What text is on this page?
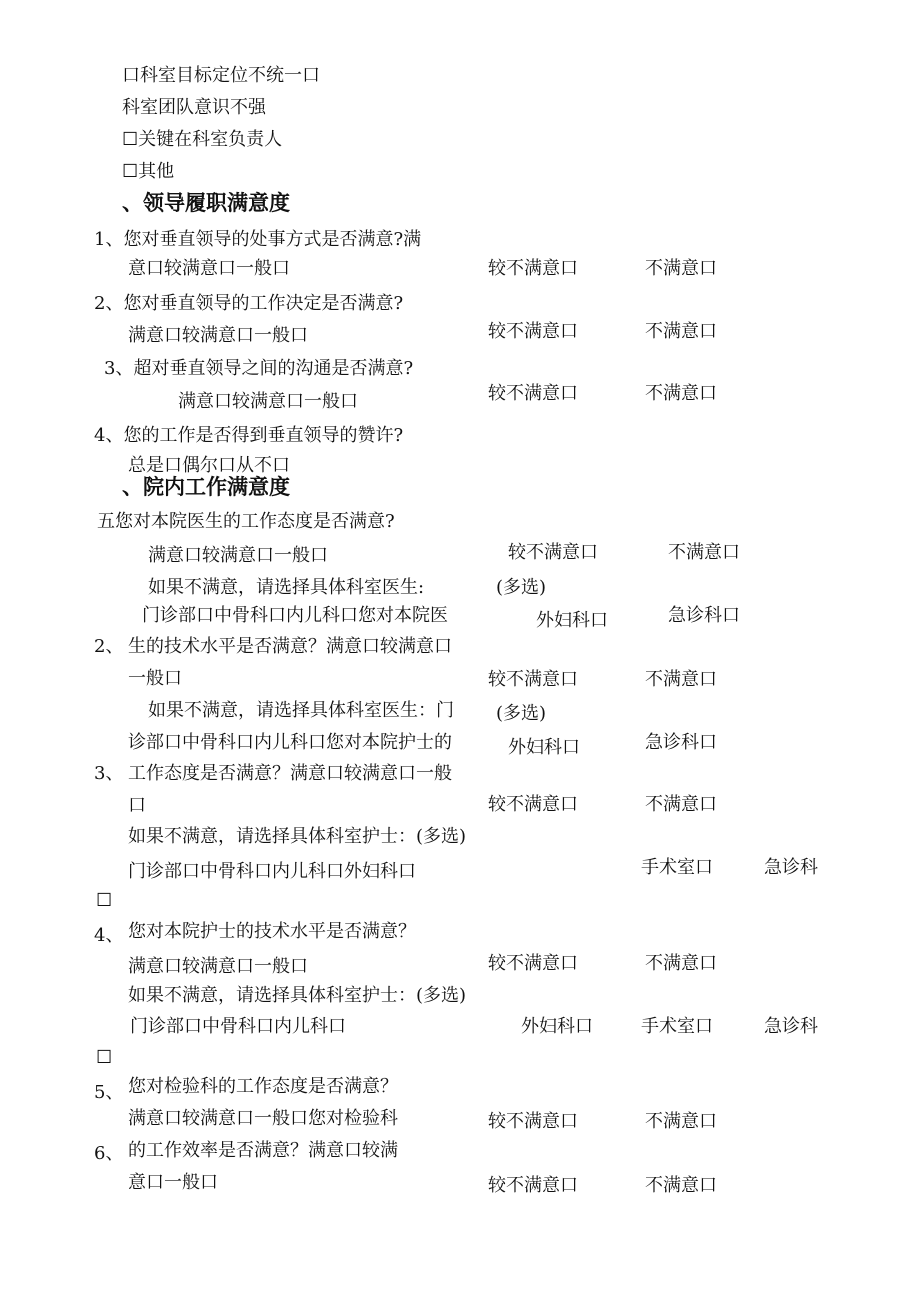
口科室目标定位不统一口
科室团队意识不强
☐关键在科室负责人
☐其他
、领导履职满意度
1、您对垂直领导的处事方式是否满意?满
意口较满意口一般口	较不满意口	不满意口
2、您对垂直领导的工作决定是否满意?
满意口较满意口一般口	较不满意口	不满意口
3、超对垂直领导之间的沟通是否满意?
满意口较满意口一般口	较不满意口	不满意口
4、您的工作是否得到垂直领导的赞许?
总是口偶尔口从不口
、院内工作满意度
五您对本院医生的工作态度是否满意?
满意口较满意口一般口	较不满意口	不满意口
如果不满意，请选择具体科室医生:	(多选)
门诊部口中骨科口内儿科口您对本院医	外妇科口	急诊科口
2、 生的技术水平是否满意？满意口较满意口
一般口	较不满意口	不满意口
如果不满意，请选择具体科室医生：门 (多选)
诊部口中骨科口内儿科口您对本院护士的	外妇科口	急诊科口
3、 工作态度是否满意？满意口较满意口一般
口	较不满意口	不满意口
如果不满意，请选择具体科室护士：(多选)
门诊部口中骨科口内儿科口外妇科口	手术室口	急诊科
☐
4、 您对本院护士的技术水平是否满意？
满意口较满意口一般口	较不满意口	不满意口
如果不满意，请选择具体科室护士：(多选)
门诊部口中骨科口内儿科口	外妇科口	手术室口	急诊科
☐
您对检验科的工作态度是否满意？
5、
满意口较满意口一般口您对检验科	较不满意口	不满意口
6、 的工作效率是否满意？满意口较满
意口一般口	较不满意口	不满意口
